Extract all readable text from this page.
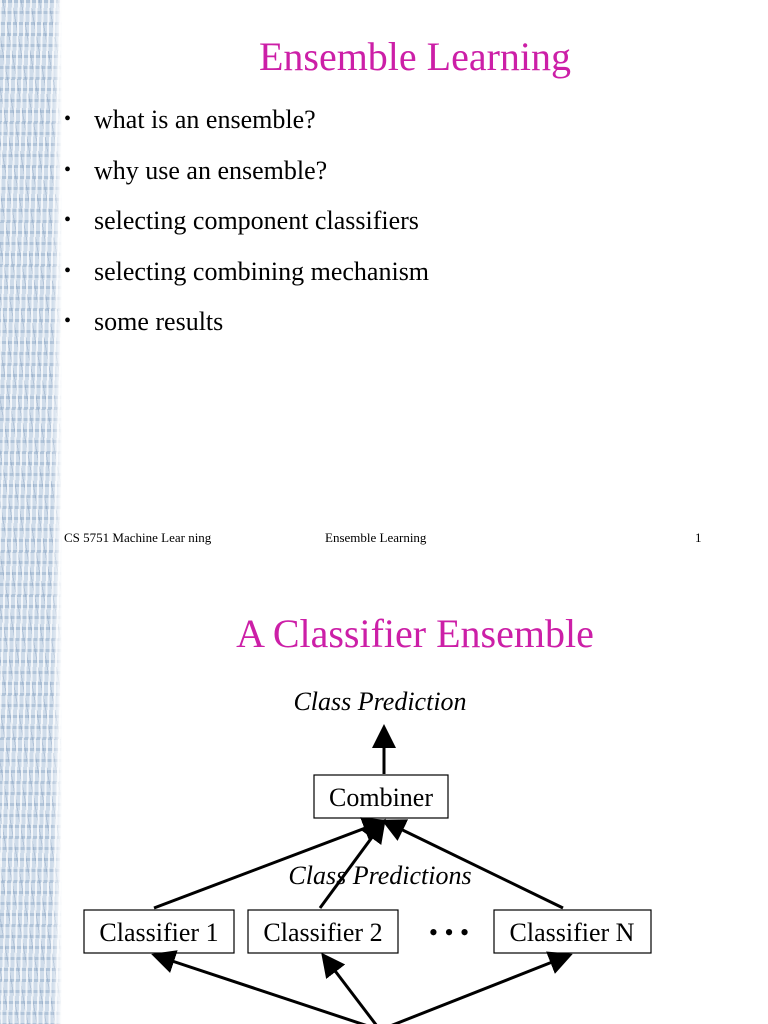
Ensemble Learning
• what is an ensemble?
• why use an ensemble?
• selecting component classifiers
• selecting combining mechanism
• some results
CS 5751 Machine Lear ning	Ensemble Learning	1
A Classifier Ensemble
Class Prediction
Combiner
Class Predictions
Classifier 1 Classifier 2 • • • Classifier N
